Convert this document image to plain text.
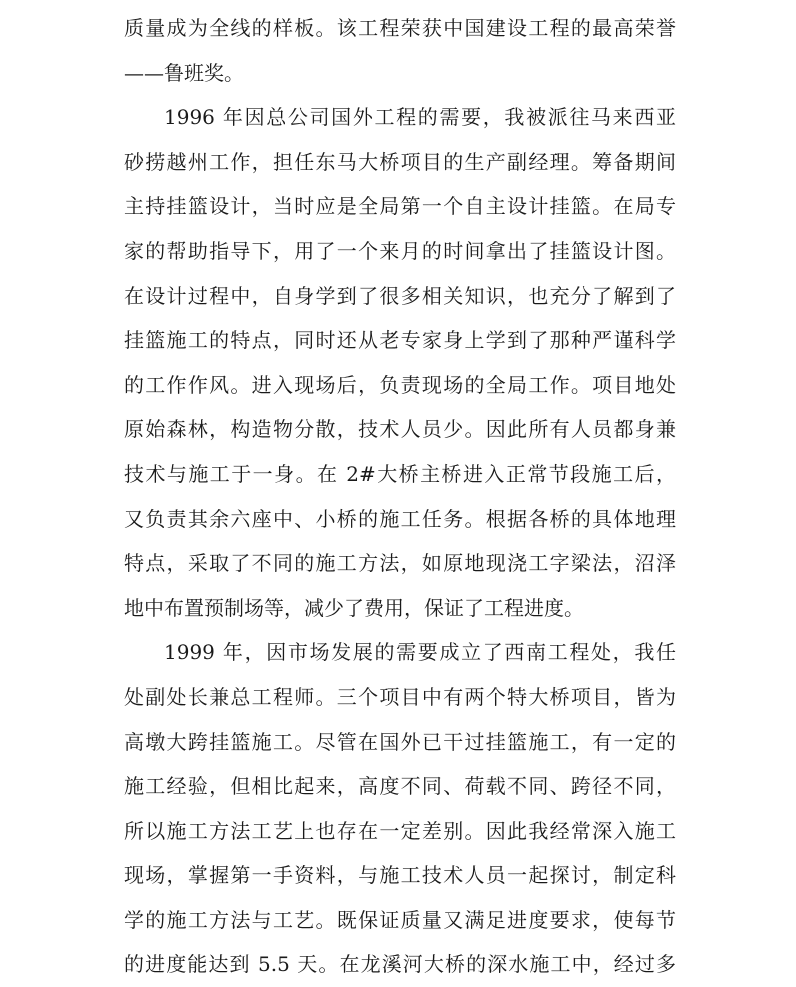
质量成为全线的样板。该工程荣获中国建设工程的最高荣誉
——鲁班奖。
1996 年因总公司国外工程的需要，我被派往马来西亚
砂捞越州工作，担任东马大桥项目的生产副经理。筹备期间
主持挂篮设计，当时应是全局第一个自主设计挂篮。在局专
家的帮助指导下，用了一个来月的时间拿出了挂篮设计图。
在设计过程中，自身学到了很多相关知识，也充分了解到了
挂篮施工的特点，同时还从老专家身上学到了那种严谨科学
的工作作风。进入现场后，负责现场的全局工作。项目地处
原始森林，构造物分散，技术人员少。因此所有人员都身兼
技术与施工于一身。在 2#大桥主桥进入正常节段施工后，
又负责其余六座中、小桥的施工任务。根据各桥的具体地理
特点，采取了不同的施工方法，如原地现浇工字梁法，沼泽
地中布置预制场等，减少了费用，保证了工程进度。
1999 年，因市场发展的需要成立了西南工程处，我任
处副处长兼总工程师。三个项目中有两个特大桥项目，皆为
高墩大跨挂篮施工。尽管在国外已干过挂篮施工，有一定的
施工经验，但相比起来，高度不同、荷载不同、跨径不同，
所以施工方法工艺上也存在一定差别。因此我经常深入施工
现场，掌握第一手资料，与施工技术人员一起探讨，制定科
学的施工方法与工艺。既保证质量又满足进度要求，使每节
的进度能达到 5.5 天。在龙溪河大桥的深水施工中，经过多
